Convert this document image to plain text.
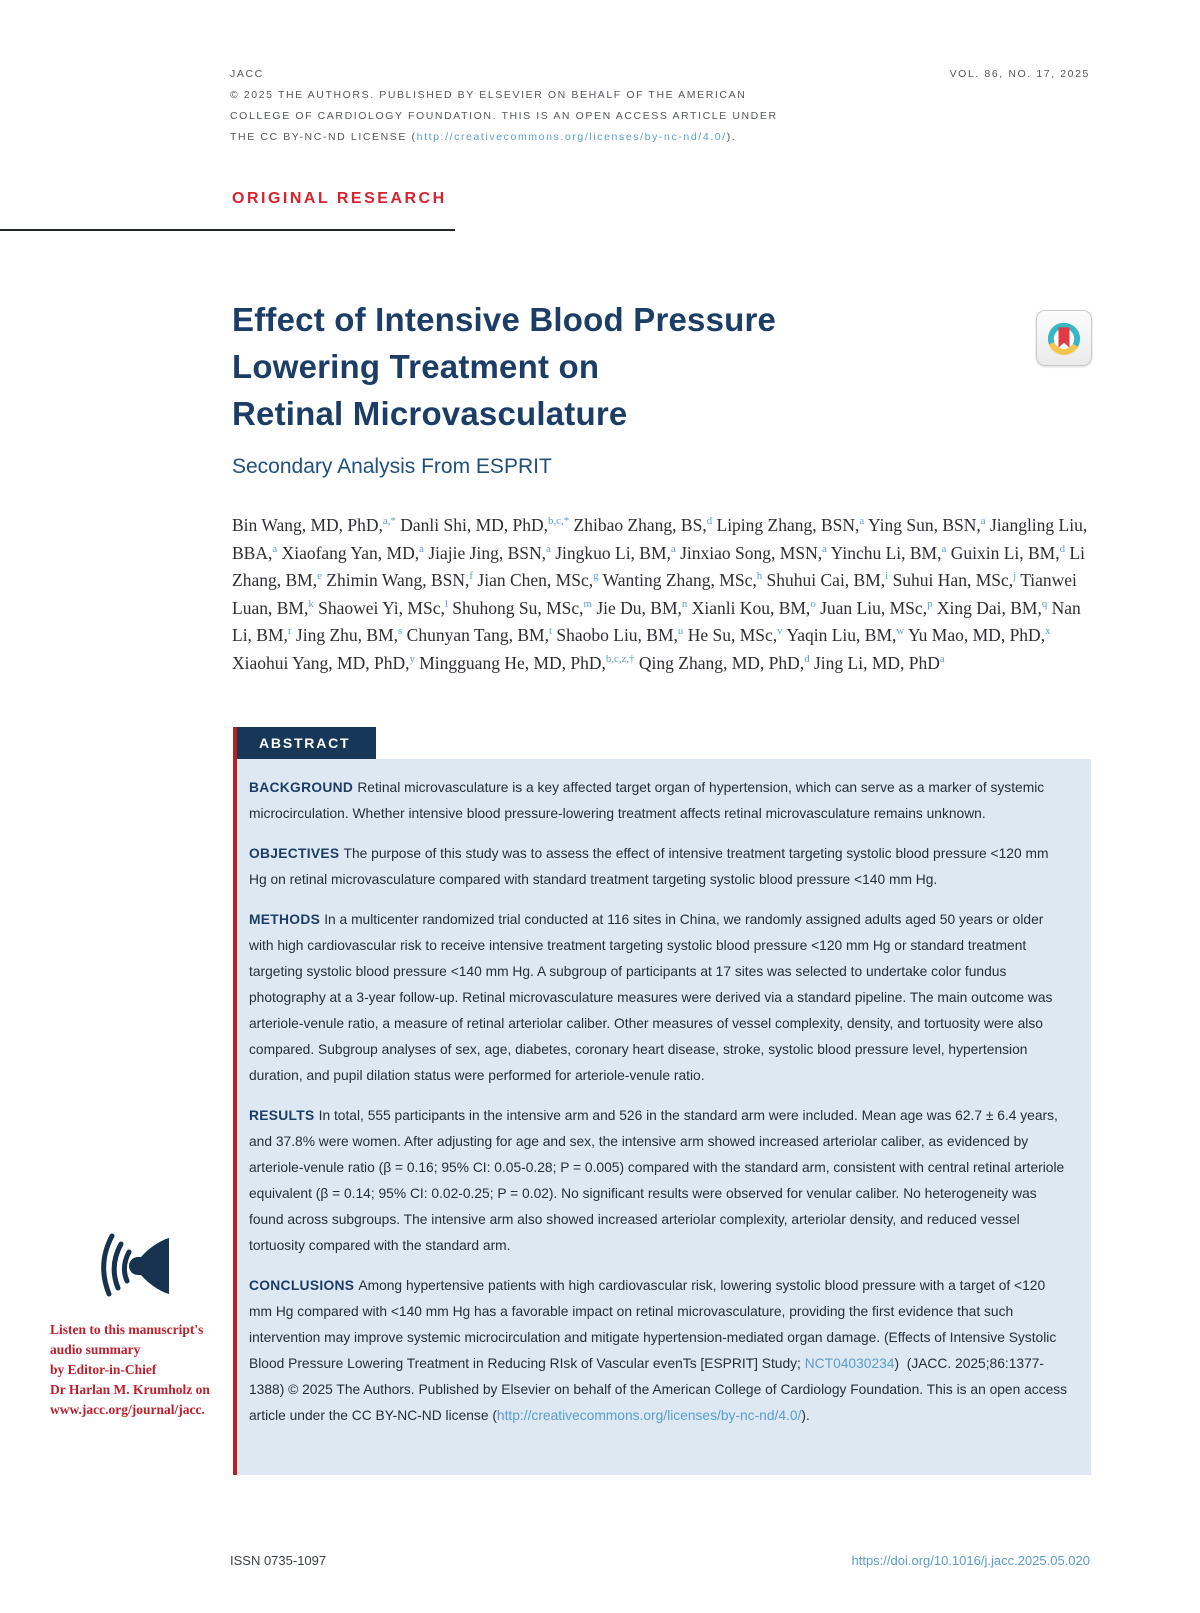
JACC	VOL. 86, NO. 17, 2025
© 2025 THE AUTHORS. PUBLISHED BY ELSEVIER ON BEHALF OF THE AMERICAN
COLLEGE OF CARDIOLOGY FOUNDATION. THIS IS AN OPEN ACCESS ARTICLE UNDER
THE CC BY-NC-ND LICENSE (http://creativecommons.org/licenses/by-nc-nd/4.0/).
ORIGINAL RESEARCH
Effect of Intensive Blood Pressure
Lowering Treatment on
Retinal Microvasculature
Secondary Analysis From ESPRIT
Bin Wang, MD, PhD,$^{a,*}$ Danli Shi, MD, PhD,$^{b,c,*}$ Zhibao Zhang, BS,$^d$ Liping Zhang, BSN,$^a$ Ying Sun, BSN,$^a$ Jiangling Liu, BBA,$^a$ Xiaofang Yan, MD,$^a$ Jiajie Jing, BSN,$^a$ Jingkuo Li, BM,$^a$ Jinxiao Song, MSN,$^a$ Yinchu Li, BM,$^a$ Guixin Li, BM,$^d$ Li Zhang, BM,$^e$ Zhimin Wang, BSN,$^f$ Jian Chen, MSc,$^g$ Wanting Zhang, MSc,$^h$ Shuhui Cai, BM,$^i$ Suhui Han, MSc,$^j$ Tianwei Luan, BM,$^k$ Shaowei Yi, MSc,$^l$ Shuhong Su, MSc,$^m$ Jie Du, BM,$^n$ Xianli Kou, BM,$^o$ Juan Liu, MSc,$^p$ Xing Dai, BM,$^q$ Nan Li, BM,$^r$ Jing Zhu, BM,$^s$ Chunyan Tang, BM,$^t$ Shaobo Liu, BM,$^u$ He Su, MSc,$^v$ Yaqin Liu, BM,$^w$ Yu Mao, MD, PhD,$^x$ Xiaohui Yang, MD, PhD,$^y$ Mingguang He, MD, PhD,$^{b,c,z,\dagger}$ Qing Zhang, MD, PhD,$^d$ Jing Li, MD, PhD$^a$
ABSTRACT

BACKGROUND Retinal microvasculature is a key affected target organ of hypertension, which can serve as a marker of systemic microcirculation. Whether intensive blood pressure-lowering treatment affects retinal microvasculature remains unknown.

OBJECTIVES The purpose of this study was to assess the effect of intensive treatment targeting systolic blood pressure <120 mm Hg on retinal microvasculature compared with standard treatment targeting systolic blood pressure <140 mm Hg.

METHODS In a multicenter randomized trial conducted at 116 sites in China, we randomly assigned adults aged 50 years or older with high cardiovascular risk to receive intensive treatment targeting systolic blood pressure <120 mm Hg or standard treatment targeting systolic blood pressure <140 mm Hg. A subgroup of participants at 17 sites was selected to undertake color fundus photography at a 3-year follow-up. Retinal microvasculature measures were derived via a standard pipeline. The main outcome was arteriole-venule ratio, a measure of retinal arteriolar caliber. Other measures of vessel complexity, density, and tortuosity were also compared. Subgroup analyses of sex, age, diabetes, coronary heart disease, stroke, systolic blood pressure level, hypertension duration, and pupil dilation status were performed for arteriole-venule ratio.

RESULTS In total, 555 participants in the intensive arm and 526 in the standard arm were included. Mean age was 62.7 ± 6.4 years, and 37.8% were women. After adjusting for age and sex, the intensive arm showed increased arteriolar caliber, as evidenced by arteriole-venule ratio (β = 0.16; 95% CI: 0.05-0.28; P = 0.005) compared with the standard arm, consistent with central retinal arteriole equivalent (β = 0.14; 95% CI: 0.02-0.25; P = 0.02). No significant results were observed for venular caliber. No heterogeneity was found across subgroups. The intensive arm also showed increased arteriolar complexity, arteriolar density, and reduced vessel tortuosity compared with the standard arm.

CONCLUSIONS Among hypertensive patients with high cardiovascular risk, lowering systolic blood pressure with a target of <120 mm Hg compared with <140 mm Hg has a favorable impact on retinal microvasculature, providing the first evidence that such intervention may improve systemic microcirculation and mitigate hypertension-mediated organ damage. (Effects of Intensive Systolic Blood Pressure Lowering Treatment in Reducing RIsk of Vascular evenTs [ESPRIT] Study; NCT04030234)  (JACC. 2025;86:1377-1388) © 2025 The Authors. Published by Elsevier on behalf of the American College of Cardiology Foundation. This is an open access article under the CC BY-NC-ND license (http://creativecommons.org/licenses/by-nc-nd/4.0/).

Listen to this manuscript's
audio summary
by Editor-in-Chief
Dr Harlan M. Krumholz on
www.jacc.org/journal/jacc.
ISSN 0735-1097	https://doi.org/10.1016/j.jacc.2025.05.020
